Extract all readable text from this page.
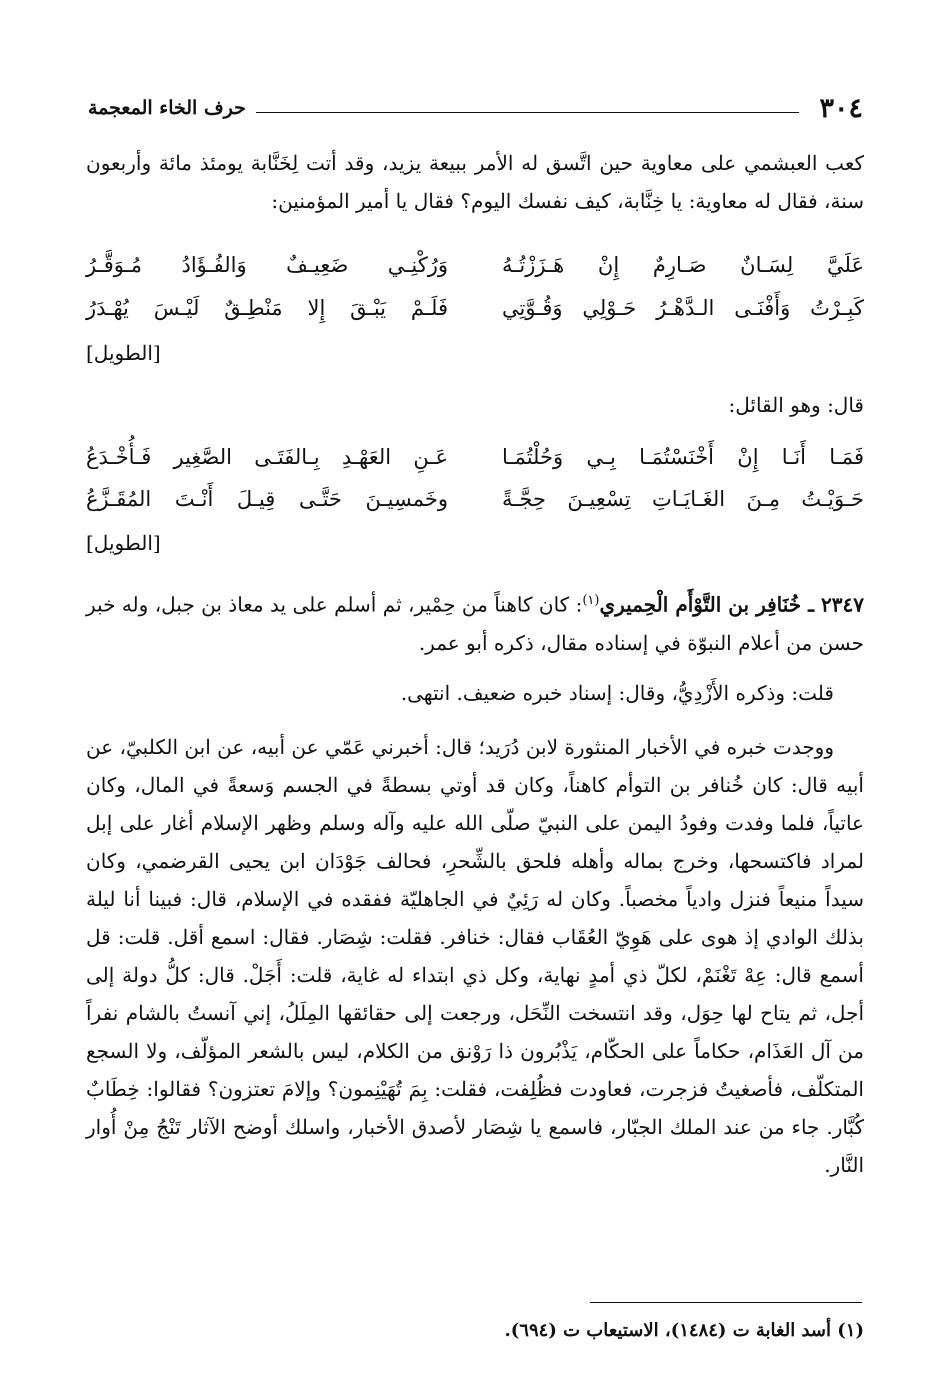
٣٠٤
حرف الخاء المعجمة

كعب العبشمي على معاوية حين اتَّسق له الأمر ببيعة يزيد، وقد أتت لِخَنَّابة يومئذ مائة وأربعون سنة، فقال له معاوية: يا خِنَّابة، كيف نفسك اليوم؟ فقال يا أمير المؤمنين:

عَلَيَّ لِسَـانٌ صَـارِمٌ إِنْ هَـزَزْتُـهُ
وَرُكْنِـي ضَعِيـفٌ وَالفُـؤَادُ مُـوَقَّـرُ
كَبِـرْتُ وَأَفْنَـى الـدَّهْـرُ حَـوْلِي وَقُـوَّتِي
فَلَـمْ يَبْـقَ إِلا مَنْطِـقٌ لَيْـسَ يُهْـدَرُ
[الطويل]

قال: وهو القائل:

فَمَـا أَنَـا إِنْ أَخْنَسْتُمَـا بِـي وَحُلْتُمَـا
عَـنِ العَهْـدِ بِـالفَتَـى الصَّغِير فَـأُخْـدَعُ
حَـوَيْـتُ مِـنَ الغَـايَـاتِ تِسْعِيـنَ حِجَّـةً
وخَمسِيـنَ حَتَّـى قِيـلَ أَنْـتَ المُقَـزَّعُ
[الطويل]

٢٣٤٧ ـ خُنَافِر بن التَّوْأَم الْحِميري$^{(١)}$: كان كاهناً من حِمْير، ثم أسلم على يد معاذ بن جبل، وله خبر حسن من أعلام النبوّة في إسناده مقال، ذكره أبو عمر.

قلت: وذكره الأَزْدِيُّ، وقال: إسناد خبره ضعيف. انتهى.

ووجدت خبره في الأخبار المنثورة لابن دُرَيد؛ قال: أخبرني عَمّي عن أبيه، عن ابن الكلبيّ، عن أبيه قال: كان خُنافر بن التوأم كاهناً، وكان قد أوتي بسطةً في الجسم وَسعةً في المال، وكان عاتياً، فلما وفدت وفودُ اليمن على النبيّ صلّى الله عليه وآله وسلم وظهر الإسلام أغار على إبل لمراد فاكتسحها، وخرج بماله وأهله فلحق بالشِّحرِ، فحالف جَوْدَان ابن يحيى القرضمي، وكان سيداً منيعاً فنزل وادياً مخصباً. وكان له رَئِيٌ في الجاهليّة ففقده في الإسلام، قال: فبينا أنا ليلة بذلك الوادي إذ هوى على هَوِيّ العُقَاب فقال: خنافر. فقلت: شِصَار. فقال: اسمع أقل. قلت: قل أسمع قال: عِهْ تَغْنَمْ، لكلّ ذي أمدٍ نهاية، وكل ذي ابتداء له غاية، قلت: أَجَلْ. قال: كلُّ دولة إلى أجل، ثم يتاح لها حِوَل، وقد انتسخت النِّحَل، ورجعت إلى حقائقها المِلَلُ، إني آنستُ بالشام نفراً من آل العَذَام، حكاماً على الحكّام، يَذْبُرون ذا رَوْنق من الكلام، ليس بالشعر المؤلّف، ولا السجع المتكلّف، فأصغيتُ فزجرت، فعاودت فظُلِفت، فقلت: بِمَ تُهَيْنِمون؟ وإلامَ تعتزون؟ فقالوا: خِطَابٌ كُبَّار. جاء من عند الملك الجبّار، فاسمع يا شِصَار لأصدق الأخبار، واسلك أوضح الآثار تَنْجُ مِنْ أُوار النَّار.

(١) أسد الغابة ت (١٤٨٤)، الاستيعاب ت (٦٩٤).
